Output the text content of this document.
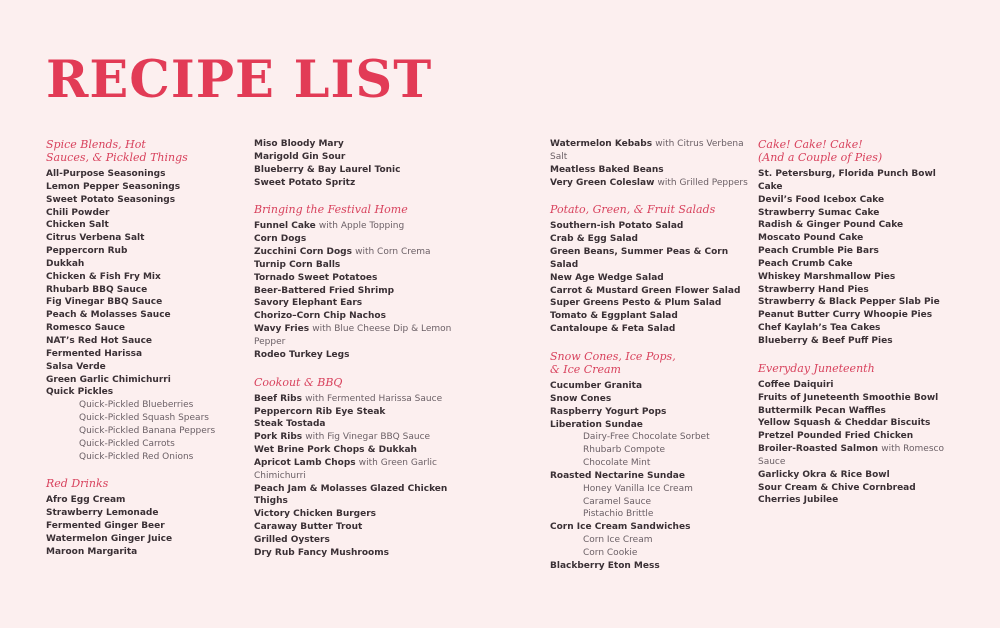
RECIPE LIST
Spice Blends, Hot
Sauces, & Pickled Things
All-Purpose Seasonings
Lemon Pepper Seasonings
Sweet Potato Seasonings
Chili Powder
Chicken Salt
Citrus Verbena Salt
Peppercorn Rub
Dukkah
Chicken & Fish Fry Mix
Rhubarb BBQ Sauce
Fig Vinegar BBQ Sauce
Peach & Molasses Sauce
Romesco Sauce
NAT’s Red Hot Sauce
Fermented Harissa
Salsa Verde
Green Garlic Chimichurri
Quick Pickles
Quick-Pickled Blueberries
Quick-Pickled Squash Spears
Quick-Pickled Banana Peppers
Quick-Pickled Carrots
Quick-Pickled Red Onions
Red Drinks
Afro Egg Cream
Strawberry Lemonade
Fermented Ginger Beer
Watermelon Ginger Juice
Maroon Margarita
Miso Bloody Mary
Marigold Gin Sour
Blueberry & Bay Laurel Tonic
Sweet Potato Spritz
Bringing the Festival Home
Funnel Cake with Apple Topping
Corn Dogs
Zucchini Corn Dogs with Corn Crema
Turnip Corn Balls
Tornado Sweet Potatoes
Beer-Battered Fried Shrimp
Savory Elephant Ears
Chorizo–Corn Chip Nachos
Wavy Fries with Blue Cheese Dip & Lemon Pepper
Rodeo Turkey Legs
Cookout & BBQ
Beef Ribs with Fermented Harissa Sauce
Peppercorn Rib Eye Steak
Steak Tostada
Pork Ribs with Fig Vinegar BBQ Sauce
Wet Brine Pork Chops & Dukkah
Apricot Lamb Chops with Green Garlic Chimichurri
Peach Jam & Molasses Glazed Chicken Thighs
Victory Chicken Burgers
Caraway Butter Trout
Grilled Oysters
Dry Rub Fancy Mushrooms
Watermelon Kebabs with Citrus Verbena Salt
Meatless Baked Beans
Very Green Coleslaw with Grilled Peppers
Potato, Green, & Fruit Salads
Southern-ish Potato Salad
Crab & Egg Salad
Green Beans, Summer Peas & Corn Salad
New Age Wedge Salad
Carrot & Mustard Green Flower Salad
Super Greens Pesto & Plum Salad
Tomato & Eggplant Salad
Cantaloupe & Feta Salad
Snow Cones, Ice Pops,
& Ice Cream
Cucumber Granita
Snow Cones
Raspberry Yogurt Pops
Liberation Sundae
Dairy-Free Chocolate Sorbet
Rhubarb Compote
Chocolate Mint
Roasted Nectarine Sundae
Honey Vanilla Ice Cream
Caramel Sauce
Pistachio Brittle
Corn Ice Cream Sandwiches
Corn Ice Cream
Corn Cookie
Blackberry Eton Mess
Cake! Cake! Cake!
(And a Couple of Pies)
St. Petersburg, Florida Punch Bowl Cake
Devil’s Food Icebox Cake
Strawberry Sumac Cake
Radish & Ginger Pound Cake
Moscato Pound Cake
Peach Crumble Pie Bars
Peach Crumb Cake
Whiskey Marshmallow Pies
Strawberry Hand Pies
Strawberry & Black Pepper Slab Pie
Peanut Butter Curry Whoopie Pies
Chef Kaylah’s Tea Cakes
Blueberry & Beef Puff Pies
Everyday Juneteenth
Coffee Daiquiri
Fruits of Juneteenth Smoothie Bowl
Buttermilk Pecan Waffles
Yellow Squash & Cheddar Biscuits
Pretzel Pounded Fried Chicken
Broiler-Roasted Salmon with Romesco Sauce
Garlicky Okra & Rice Bowl
Sour Cream & Chive Cornbread
Cherries Jubilee
